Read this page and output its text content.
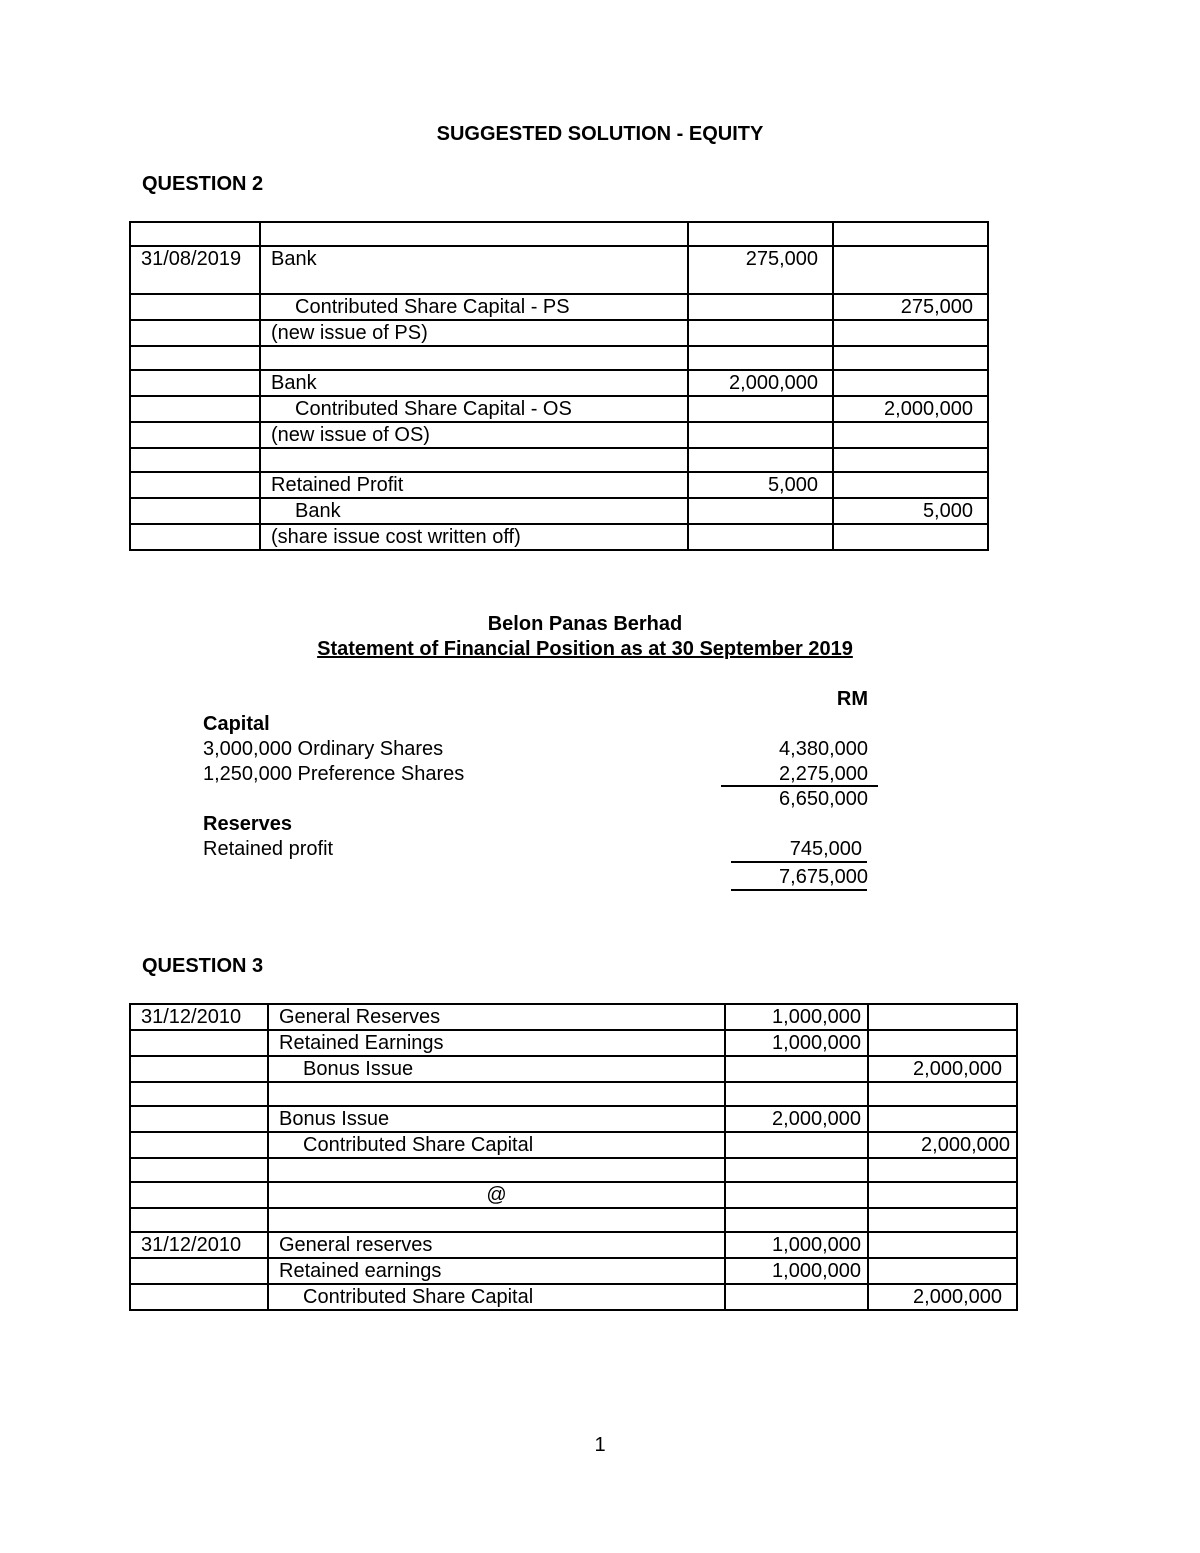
SUGGESTED SOLUTION - EQUITY
QUESTION 2

31/08/2019	Bank	275,000	
	Contributed Share Capital - PS		275,000
	(new issue of PS)		

	Bank	2,000,000	
	Contributed Share Capital - OS		2,000,000
	(new issue of OS)		

	Retained Profit	5,000	
	Bank		5,000
	(share issue cost written off)		
Belon Panas Berhad
Statement of Financial Position as at 30 September 2019
RM
Capital
3,000,000 Ordinary Shares	4,380,000
1,250,000 Preference Shares	2,275,000
6,650,000
Reserves
Retained profit	745,000
7,675,000
QUESTION 3
31/12/2010	General Reserves	1,000,000	
	Retained Earnings	1,000,000	
	Bonus Issue		2,000,000

	Bonus Issue	2,000,000	
	Contributed Share Capital		2,000,000

	@		

31/12/2010	General reserves	1,000,000	
	Retained earnings	1,000,000	
	Contributed Share Capital		2,000,000
1
